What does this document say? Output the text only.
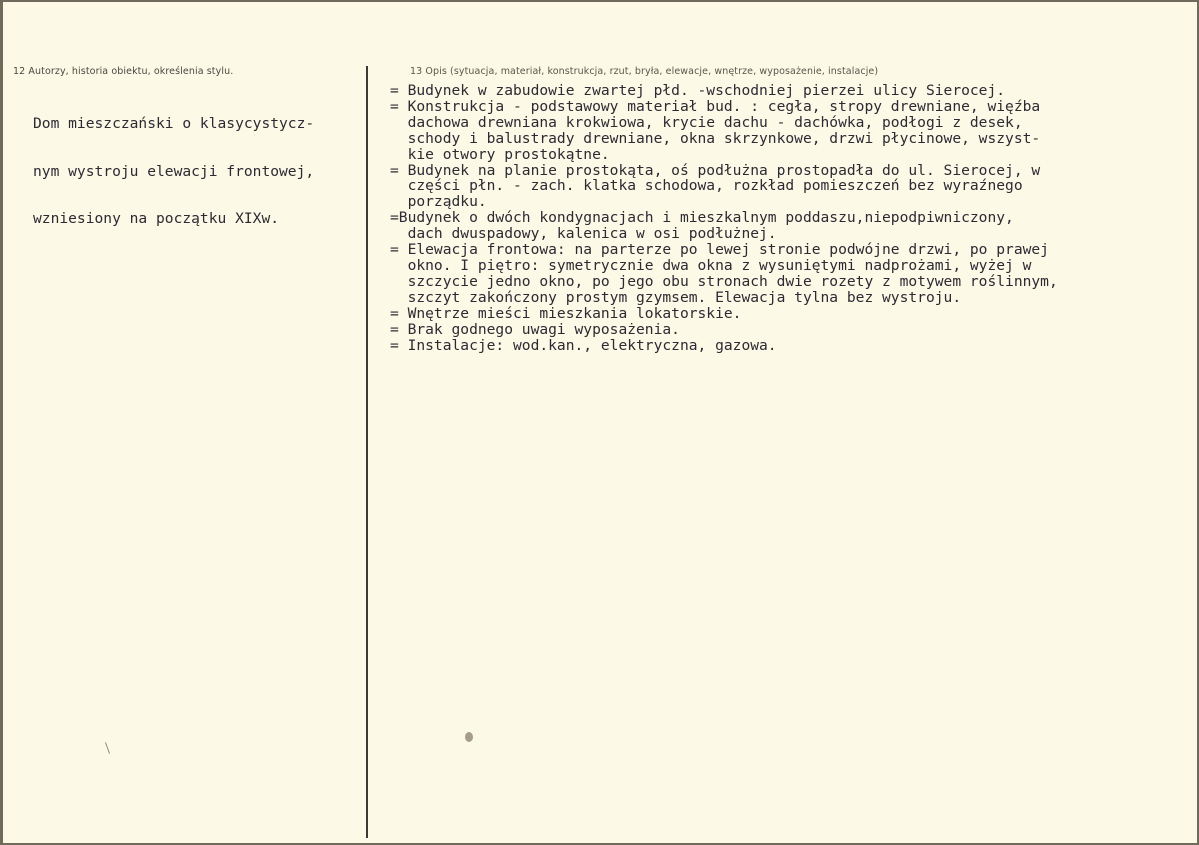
12 Autorzy, historia obiektu, określenia stylu.	13 Opis (sytuacja, materiał, konstrukcja, rzut, bryła, elewacje, wnętrze, wyposażenie, instalacje)

Dom mieszczański o klasycystycz-

nym wystroju elewacji frontowej,

wzniesiony na początku XIXw.

= Budynek w zabudowie zwartej płd. -wschodniej pierzei ulicy Sierocej.
= Konstrukcja - podstawowy materiał bud. : cegła, stropy drewniane, więźba
dachowa drewniana krokwiowa, krycie dachu - dachówka, podłogi z desek,
schody i balustrady drewniane, okna skrzynkowe, drzwi płycinowe, wszyst-
kie otwory prostokątne.
= Budynek na planie prostokąta, oś podłużna prostopadła do ul. Sierocej, w
części płn. - zach. klatka schodowa, rozkład pomieszczeń bez wyraźnego
porządku.
=Budynek o dwóch kondygnacjach i mieszkalnym poddaszu,niepodpiwniczony,
dach dwuspadowy, kalenica w osi podłużnej.
= Elewacja frontowa: na parterze po lewej stronie podwójne drzwi, po prawej
okno. I piętro: symetrycznie dwa okna z wysuniętymi nadprożami, wyżej w
szczycie jedno okno, po jego obu stronach dwie rozety z motywem roślinnym,
szczyt zakończony prostym gzymsem. Elewacja tylna bez wystroju.
= Wnętrze mieści mieszkania lokatorskie.
= Brak godnego uwagi wyposażenia.
= Instalacje: wod.kan., elektryczna, gazowa.
